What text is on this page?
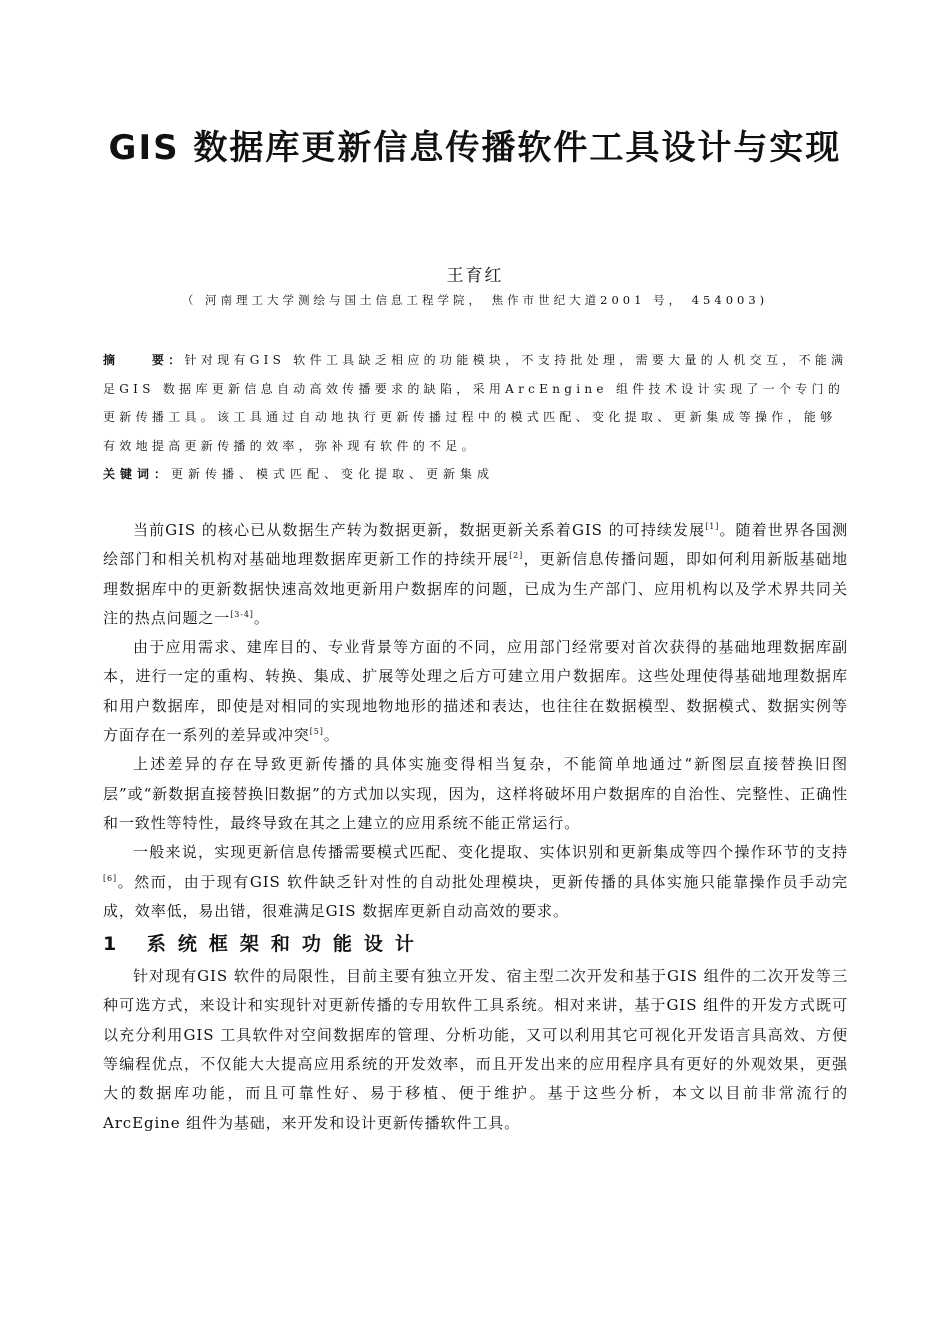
GIS 数据库更新信息传播软件工具设计与实现
王育红
（ 河南理工大学测绘与国土信息工程学院， 焦作市世纪大道2001 号， 454003)

摘　　要：针对现有GIS 软件工具缺乏相应的功能模块，不支持批处理，需要大量的人机交互，不能满足GIS 数据库更新信息自动高效传播要求的缺陷，采用ArcEngine 组件技术设计实现了一个专门的更新传播工具。该工具通过自动地执行更新传播过程中的模式匹配、变化提取、更新集成等操作，能够有效地提高更新传播的效率，弥补现有软件的不足。

关键词：更新传播、模式匹配、变化提取、更新集成

当前GIS 的核心已从数据生产转为数据更新，数据更新关系着GIS 的可持续发展[1]。随着世界各国测绘部门和相关机构对基础地理数据库更新工作的持续开展[2]，更新信息传播问题，即如何利用新版基础地理数据库中的更新数据快速高效地更新用户数据库的问题，已成为生产部门、应用机构以及学术界共同关注的热点问题之一[3-4]。

由于应用需求、建库目的、专业背景等方面的不同，应用部门经常要对首次获得的基础地理数据库副本，进行一定的重构、转换、集成、扩展等处理之后方可建立用户数据库。这些处理使得基础地理数据库和用户数据库，即使是对相同的实现地物地形的描述和表达，也往往在数据模型、数据模式、数据实例等方面存在一系列的差异或冲突[5]。

上述差异的存在导致更新传播的具体实施变得相当复杂，不能简单地通过“新图层直接替换旧图层”或“新数据直接替换旧数据”的方式加以实现，因为，这样将破坏用户数据库的自治性、完整性、正确性和一致性等特性，最终导致在其之上建立的应用系统不能正常运行。

一般来说，实现更新信息传播需要模式匹配、变化提取、实体识别和更新集成等四个操作环节的支持[6]。然而，由于现有GIS 软件缺乏针对性的自动批处理模块，更新传播的具体实施只能靠操作员手动完成，效率低，易出错，很难满足GIS 数据库更新自动高效的要求。

1 系统框架和功能设计

针对现有GIS 软件的局限性，目前主要有独立开发、宿主型二次开发和基于GIS 组件的二次开发等三种可选方式，来设计和实现针对更新传播的专用软件工具系统。相对来讲，基于GIS 组件的开发方式既可以充分利用GIS 工具软件对空间数据库的管理、分析功能，又可以利用其它可视化开发语言具高效、方便等编程优点，不仅能大大提高应用系统的开发效率，而且开发出来的应用程序具有更好的外观效果，更强大的数据库功能，而且可靠性好、易于移植、便于维护。基于这些分析，本文以目前非常流行的ArcEgine 组件为基础，来开发和设计更新传播软件工具。
